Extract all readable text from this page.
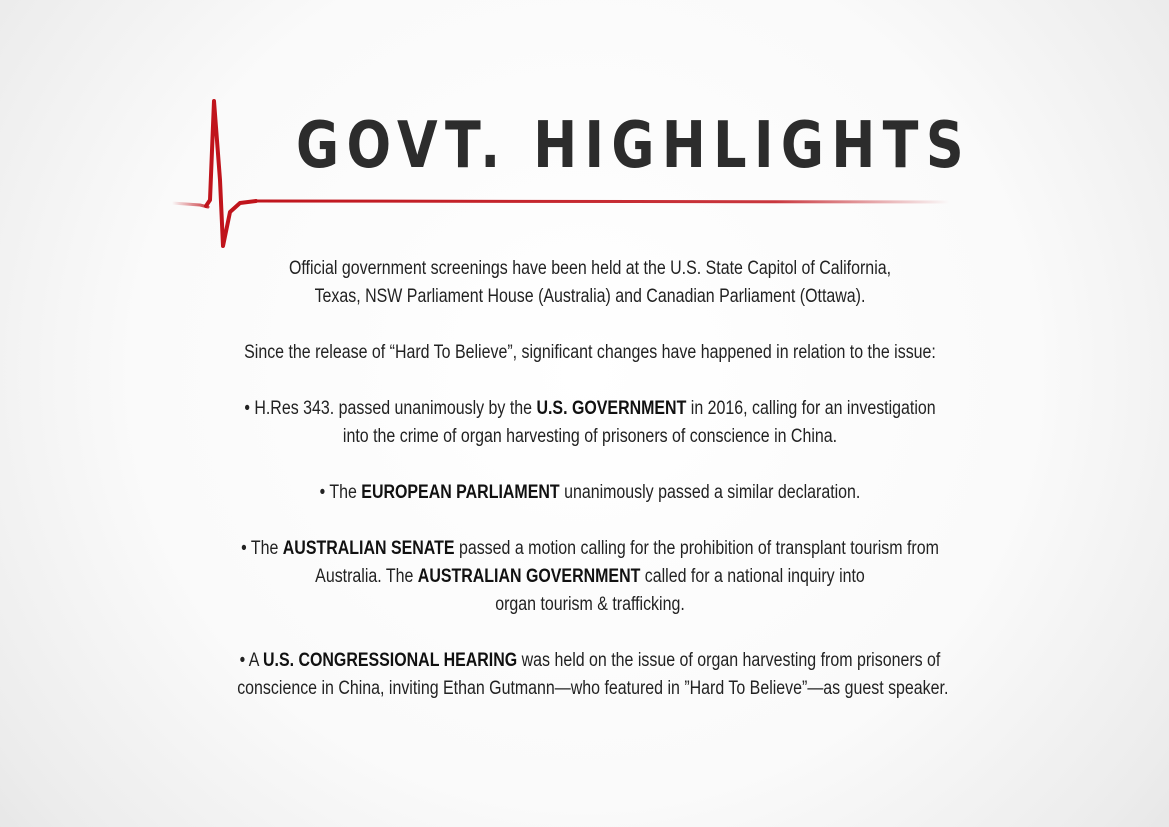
GOVT. HIGHLIGHTS

Official government screenings have been held at the U.S. State Capitol of California,
Texas, NSW Parliament House (Australia) and Canadian Parliament (Ottawa).

Since the release of “Hard To Believe”, significant changes have happened in relation to the issue:

• H.Res 343. passed unanimously by the U.S. GOVERNMENT in 2016, calling for an investigation
into the crime of organ harvesting of prisoners of conscience in China.

• The EUROPEAN PARLIAMENT unanimously passed a similar declaration.

• The AUSTRALIAN SENATE passed a motion calling for the prohibition of transplant tourism from
Australia. The AUSTRALIAN GOVERNMENT called for a national inquiry into
organ tourism & trafficking.

• A U.S. CONGRESSIONAL HEARING was held on the issue of organ harvesting from prisoners of
conscience in China, inviting Ethan Gutmann—who featured in ”Hard To Believe”—as guest speaker.
